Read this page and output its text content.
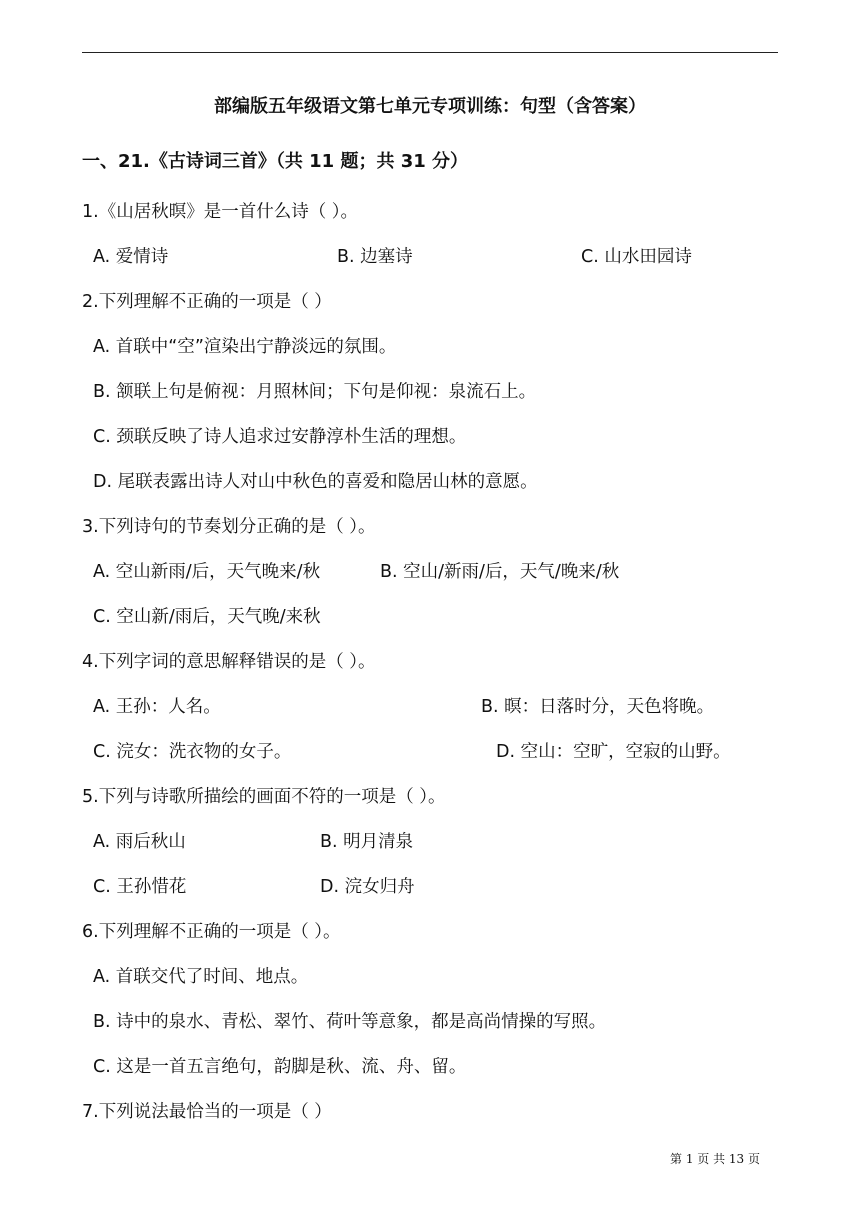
部编版五年级语文第七单元专项训练：句型（含答案）
一、21.《古诗词三首》（共 11 题；共 31 分）
1.《山居秋暝》是一首什么诗（ ）。
A. 爱情诗	B. 边塞诗	C. 山水田园诗
2.下列理解不正确的一项是（ ）
A. 首联中“空”渲染出宁静淡远的氛围。
B. 颔联上句是俯视：月照林间；下句是仰视：泉流石上。
C. 颈联反映了诗人追求过安静淳朴生活的理想。
D. 尾联表露出诗人对山中秋色的喜爱和隐居山林的意愿。
3.下列诗句的节奏划分正确的是（ ）。
A. 空山新雨/后，天气晚来/秋	B. 空山/新雨/后，天气/晚来/秋
C. 空山新/雨后，天气晚/来秋
4.下列字词的意思解释错误的是（ ）。
A. 王孙：人名。	B. 暝：日落时分，天色将晚。
C. 浣女：洗衣物的女子。	D. 空山：空旷，空寂的山野。
5.下列与诗歌所描绘的画面不符的一项是（ ）。
A. 雨后秋山	B. 明月清泉
C. 王孙惜花	D. 浣女归舟
6.下列理解不正确的一项是（ ）。
A. 首联交代了时间、地点。
B. 诗中的泉水、青松、翠竹、荷叶等意象，都是高尚情操的写照。
C. 这是一首五言绝句，韵脚是秋、流、舟、留。
7.下列说法最恰当的一项是（ ）
第 1 页 共 13 页
